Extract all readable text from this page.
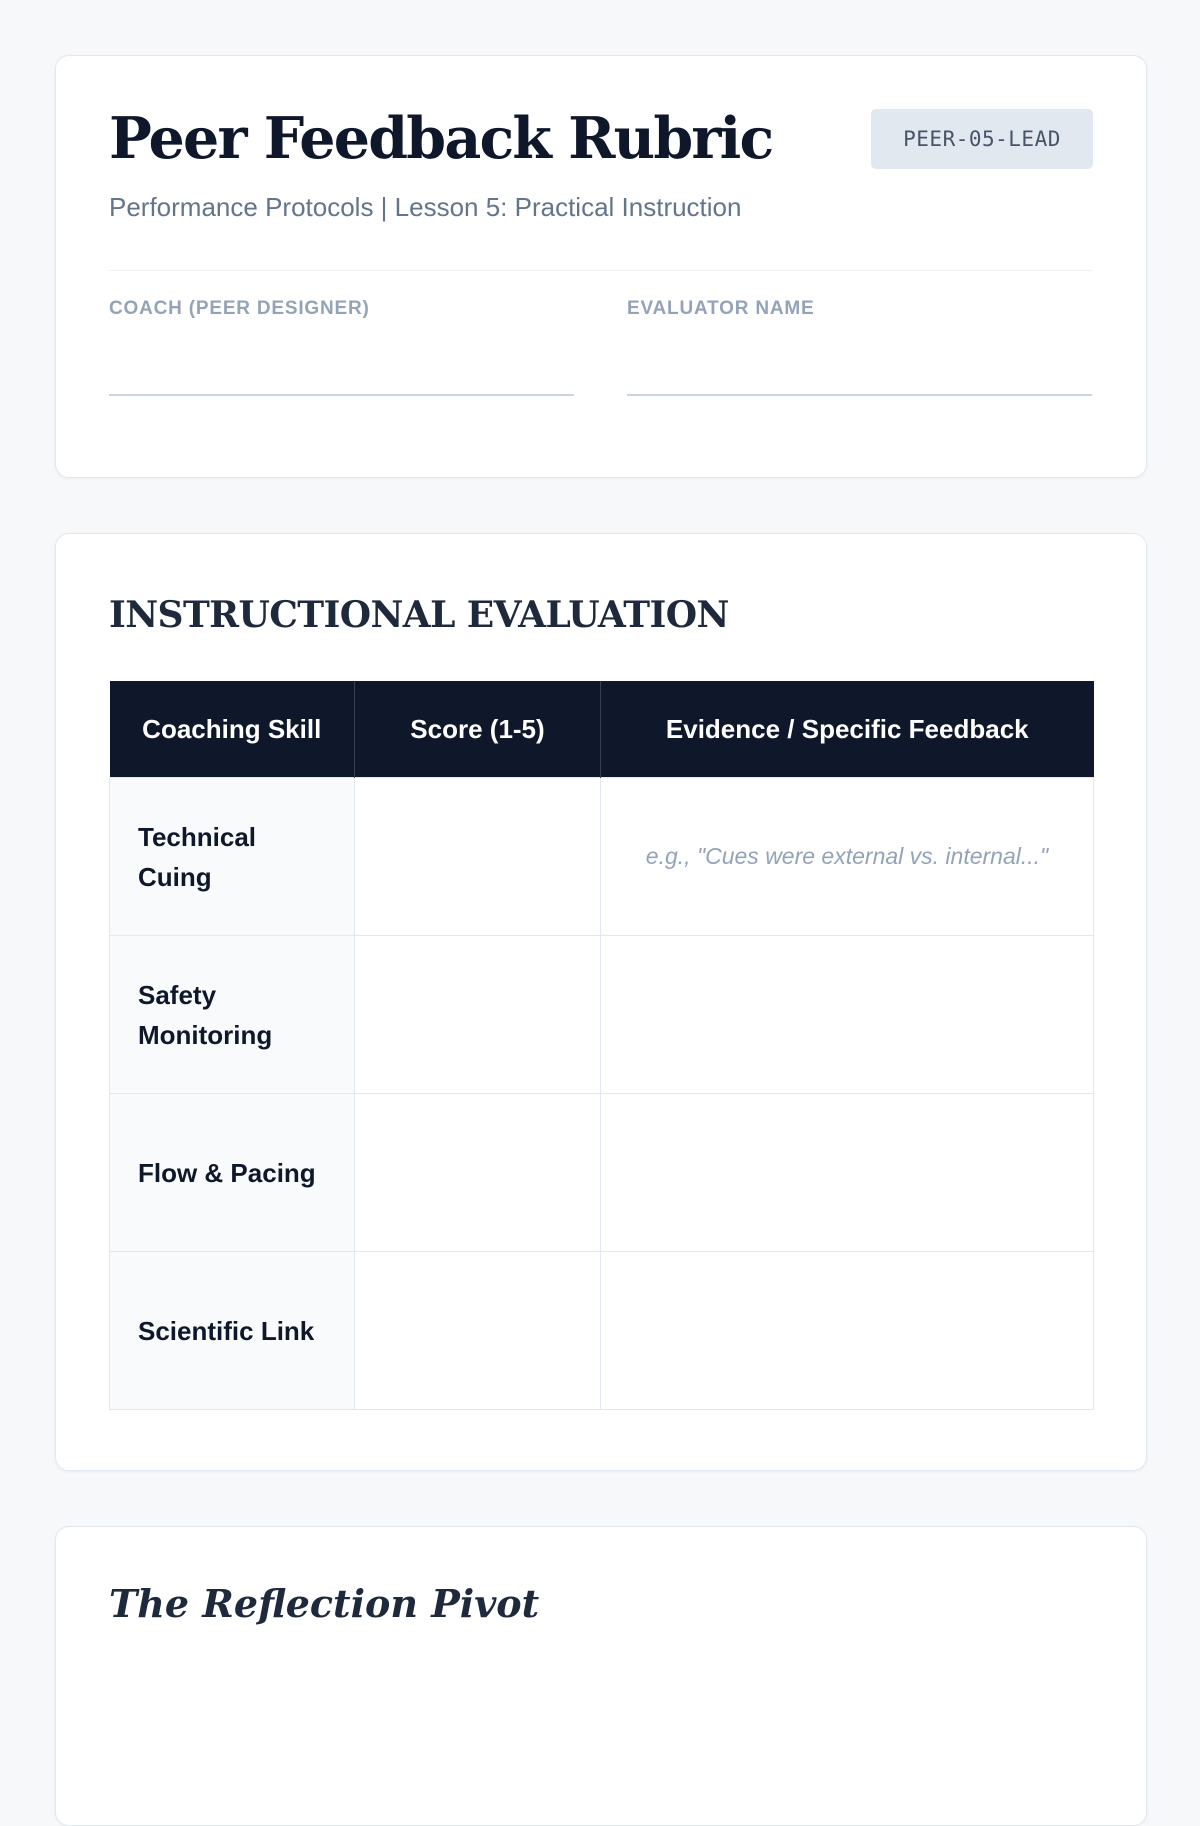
Peer Feedback Rubric	PEER-05-LEAD
Performance Protocols | Lesson 5: Practical Instruction
COACH (PEER DESIGNER)	EVALUATOR NAME
INSTRUCTIONAL EVALUATION
Coaching Skill	Score (1-5)	Evidence / Specific Feedback
Technical Cuing		e.g., "Cues were external vs. internal..."
Safety Monitoring		
Flow & Pacing		
Scientific Link		
The Reflection Pivot
